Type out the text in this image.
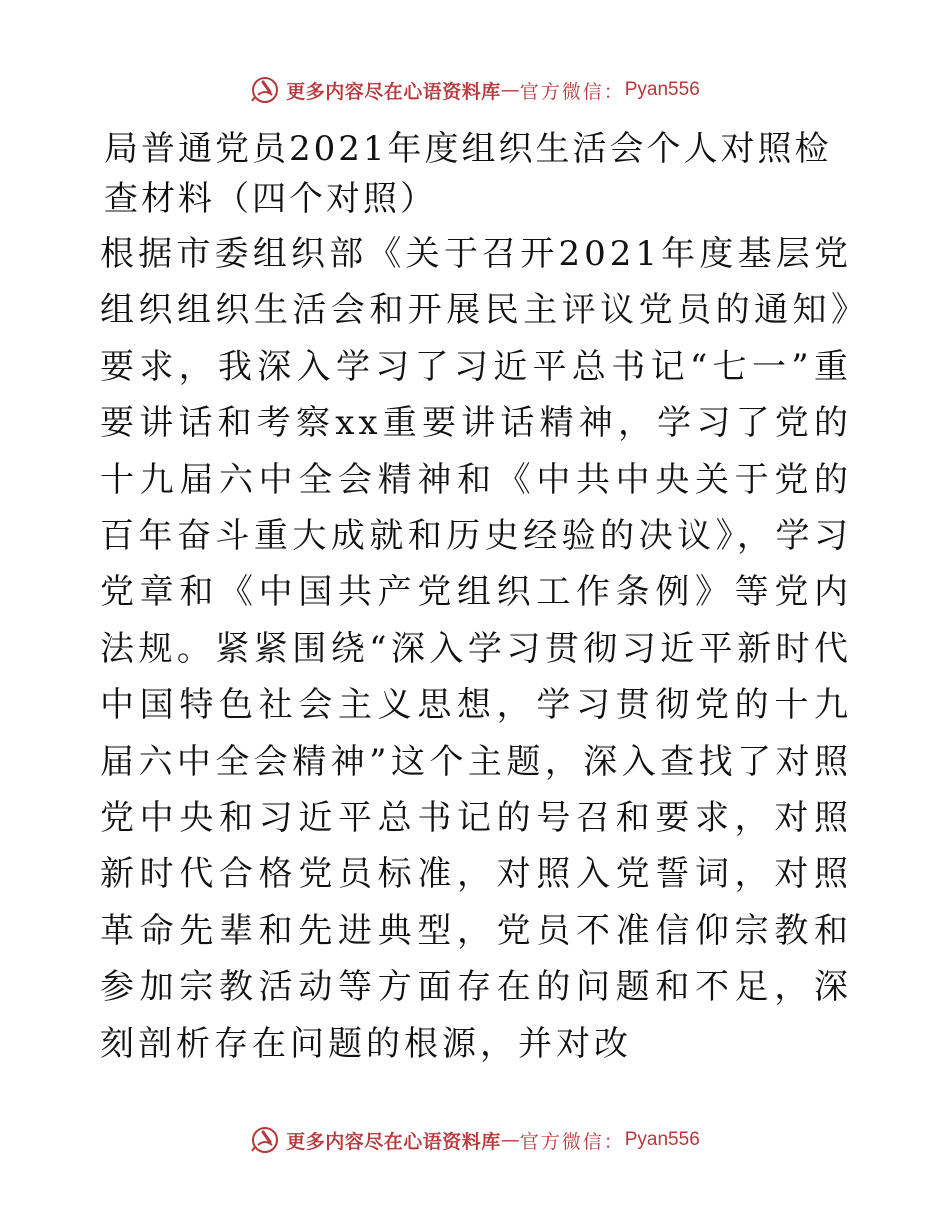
更多内容尽在心语资料库 — 官方微信： Pyan556
局普通党员2021年度组织生活会个人对照检查材料（四个对照）

根据市委组织部《关于召开2021年度基层党组织组织生活会和开展民主评议党员的通知》要求，我深入学习了习近平总书记“七一”重要讲话和考察xx重要讲话精神，学习了党的十九届六中全会精神和《中共中央关于党的百年奋斗重大成就和历史经验的决议》，学习党章和《中国共产党组织工作条例》等党内法规。紧紧围绕“深入学习贯彻习近平新时代中国特色社会主义思想，学习贯彻党的十九届六中全会精神”这个主题，深入查找了对照党中央和习近平总书记的号召和要求，对照新时代合格党员标准，对照入党誓词，对照革命先辈和先进典型，党员不准信仰宗教和参加宗教活动等方面存在的问题和不足，深刻剖析存在问题的根源，并对改

更多内容尽在心语资料库 — 官方微信： Pyan556
